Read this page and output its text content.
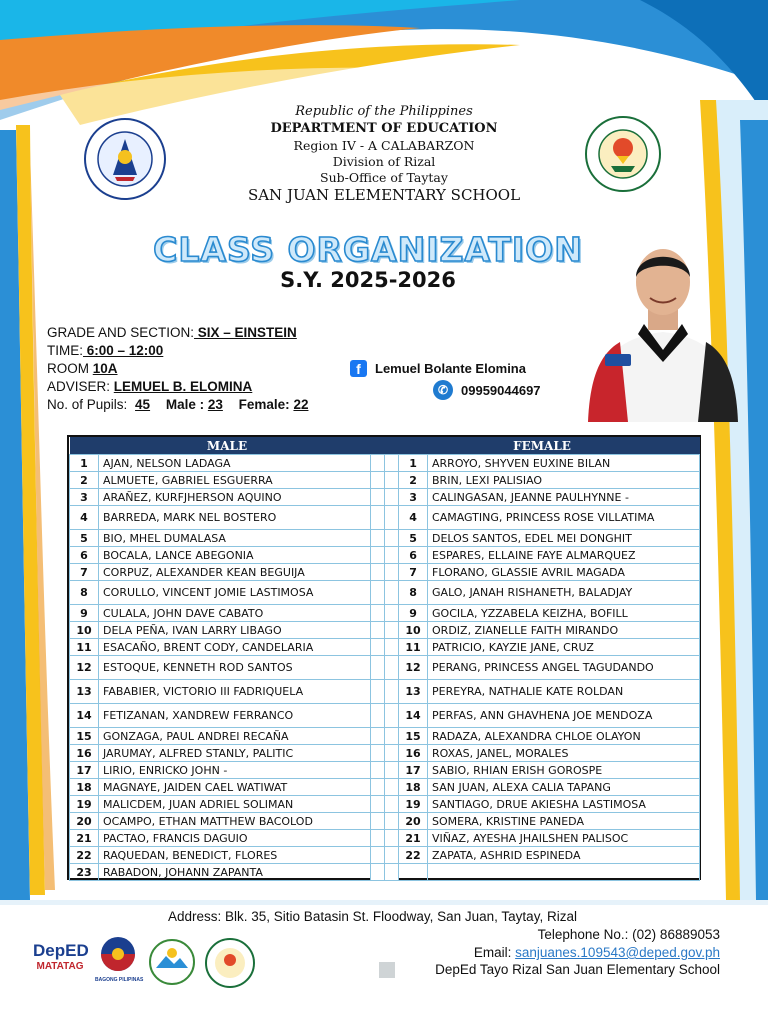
Republic of the Philippines
DEPARTMENT OF EDUCATION
Region IV - A CALABARZON
Division of Rizal
Sub-Office of Taytay
SAN JUAN ELEMENTARY SCHOOL
CLASS ORGANIZATION
S.Y. 2025-2026
GRADE AND SECTION: SIX – EINSTEIN
TIME: 6:00 – 12:00
ROOM 10A
ADVISER: LEMUEL B. ELOMINA
No. of Pupils: 45 Male : 23 Female: 22
f	Lemuel Bolante Elomina
✆ 09959044697
MALE			FEMALE		
1	AJAN, NELSON LADAGA			1	ARROYO, SHYVEN EUXINE BILAN
2	ALMUETE, GABRIEL ESGUERRA			2	BRIN, LEXI PALISIAO
3	ARAÑEZ, KURFJHERSON AQUINO			3	CALINGASAN, JEANNE PAULHYNNE -
4	BARREDA, MARK NEL BOSTERO			4	CAMAGTING, PRINCESS ROSE VILLATIMA
5	BIO, MHEL DUMALASA			5	DELOS SANTOS, EDEL MEI DONGHIT
6	BOCALA, LANCE ABEGONIA			6	ESPARES, ELLAINE FAYE ALMARQUEZ
7	CORPUZ, ALEXANDER KEAN BEGUIJA			7	FLORANO, GLASSIE AVRIL MAGADA
8	CORULLO, VINCENT JOMIE LASTIMOSA			8	GALO, JANAH RISHANETH, BALADJAY
9	CULALA, JOHN DAVE CABATO			9	GOCILA, YZZABELA KEIZHA, BOFILL
10	DELA PEÑA, IVAN LARRY LIBAGO			10	ORDIZ, ZIANELLE FAITH MIRANDO
11	ESACAÑO, BRENT CODY, CANDELARIA			11	PATRICIO, KAYZIE JANE, CRUZ
12	ESTOQUE, KENNETH ROD SANTOS			12	PERANG, PRINCESS ANGEL TAGUDANDO
13	FABABIER, VICTORIO III FADRIQUELA			13	PEREYRA, NATHALIE KATE ROLDAN
14	FETIZANAN, XANDREW FERRANCO			14	PERFAS, ANN GHAVHENA JOE MENDOZA
15	GONZAGA, PAUL ANDREI RECAÑA			15	RADAZA, ALEXANDRA CHLOE OLAYON
16	JARUMAY, ALFRED STANLY, PALITIC			16	ROXAS, JANEL, MORALES
17	LIRIO, ENRICKO JOHN -			17	SABIO, RHIAN ERISH GOROSPE
18	MAGNAYE, JAIDEN CAEL WATIWAT			18	SAN JUAN, ALEXA CALIA TAPANG
19	MALICDEM, JUAN ADRIEL SOLIMAN			19	SANTIAGO, DRUE AKIESHA LASTIMOSA
20	OCAMPO, ETHAN MATTHEW BACOLOD			20	SOMERA, KRISTINE PANEDA
21	PACTAO, FRANCIS DAGUIO			21	VIÑAZ, AYESHA JHAILSHEN PALISOC
22	RAQUEDAN, BENEDICT, FLORES			22	ZAPATA, ASHRID ESPINEDA
23	RABADON, JOHANN ZAPANTA				
Address: Blk. 35, Sitio Batasin St. Floodway, San Juan, Taytay, Rizal
Telephone No.: (02) 86889053
Email: sanjuanes.109543@deped.gov.ph
DepEd Tayo Rizal San Juan Elementary School
DepED
MATATAG
BAGONG PILIPINAS
